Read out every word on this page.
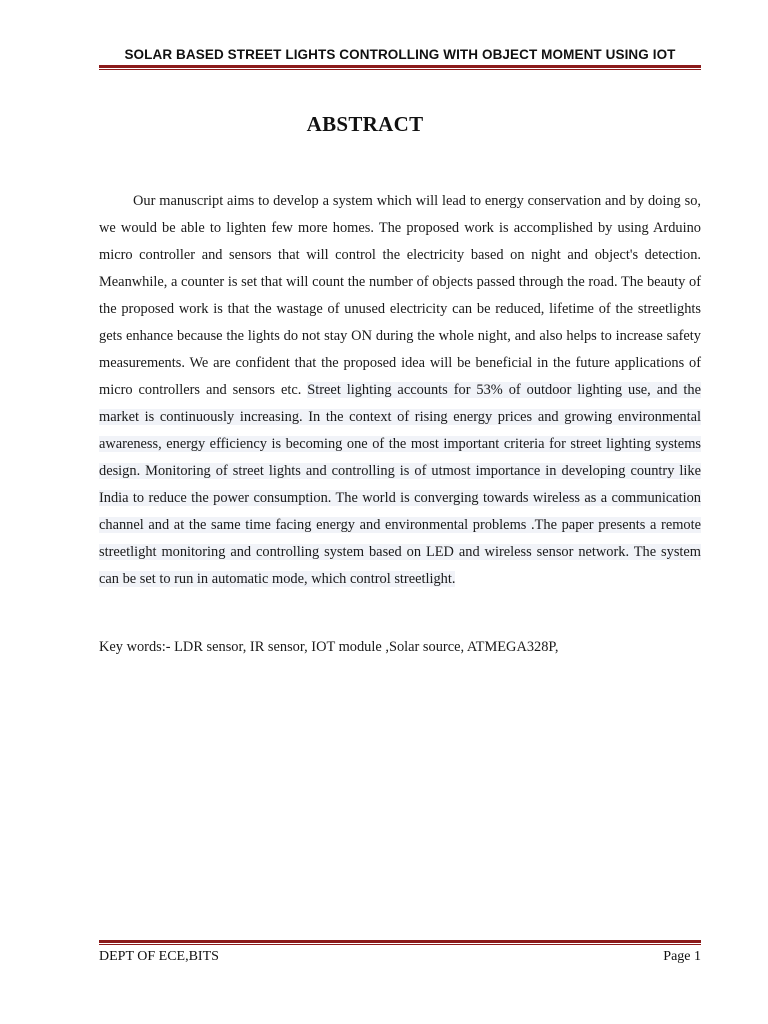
SOLAR BASED STREET LIGHTS CONTROLLING WITH OBJECT MOMENT USING IOT
ABSTRACT

Our manuscript aims to develop a system which will lead to energy conservation and by doing so, we would be able to lighten few more homes. The proposed work is accomplished by using Arduino micro controller and sensors that will control the electricity based on night and object's detection. Meanwhile, a counter is set that will count the number of objects passed through the road. The beauty of the proposed work is that the wastage of unused electricity can be reduced, lifetime of the streetlights gets enhance because the lights do not stay ON during the whole night, and also helps to increase safety measurements. We are confident that the proposed idea will be beneficial in the future applications of micro controllers and sensors etc. Street lighting accounts for 53% of outdoor lighting use, and the market is continuously increasing. In the context of rising energy prices and growing environmental awareness, energy efficiency is becoming one of the most important criteria for street lighting systems design. Monitoring of street lights and controlling is of utmost importance in developing country like India to reduce the power consumption. The world is converging towards wireless as a communication channel and at the same time facing energy and environmental problems .The paper presents a remote streetlight monitoring and controlling system based on LED and wireless sensor network. The system can be set to run in automatic mode, which control streetlight.

Key words:- LDR sensor, IR sensor, IOT module ,Solar source, ATMEGA328P,

DEPT OF ECE,BITS	Page 1
